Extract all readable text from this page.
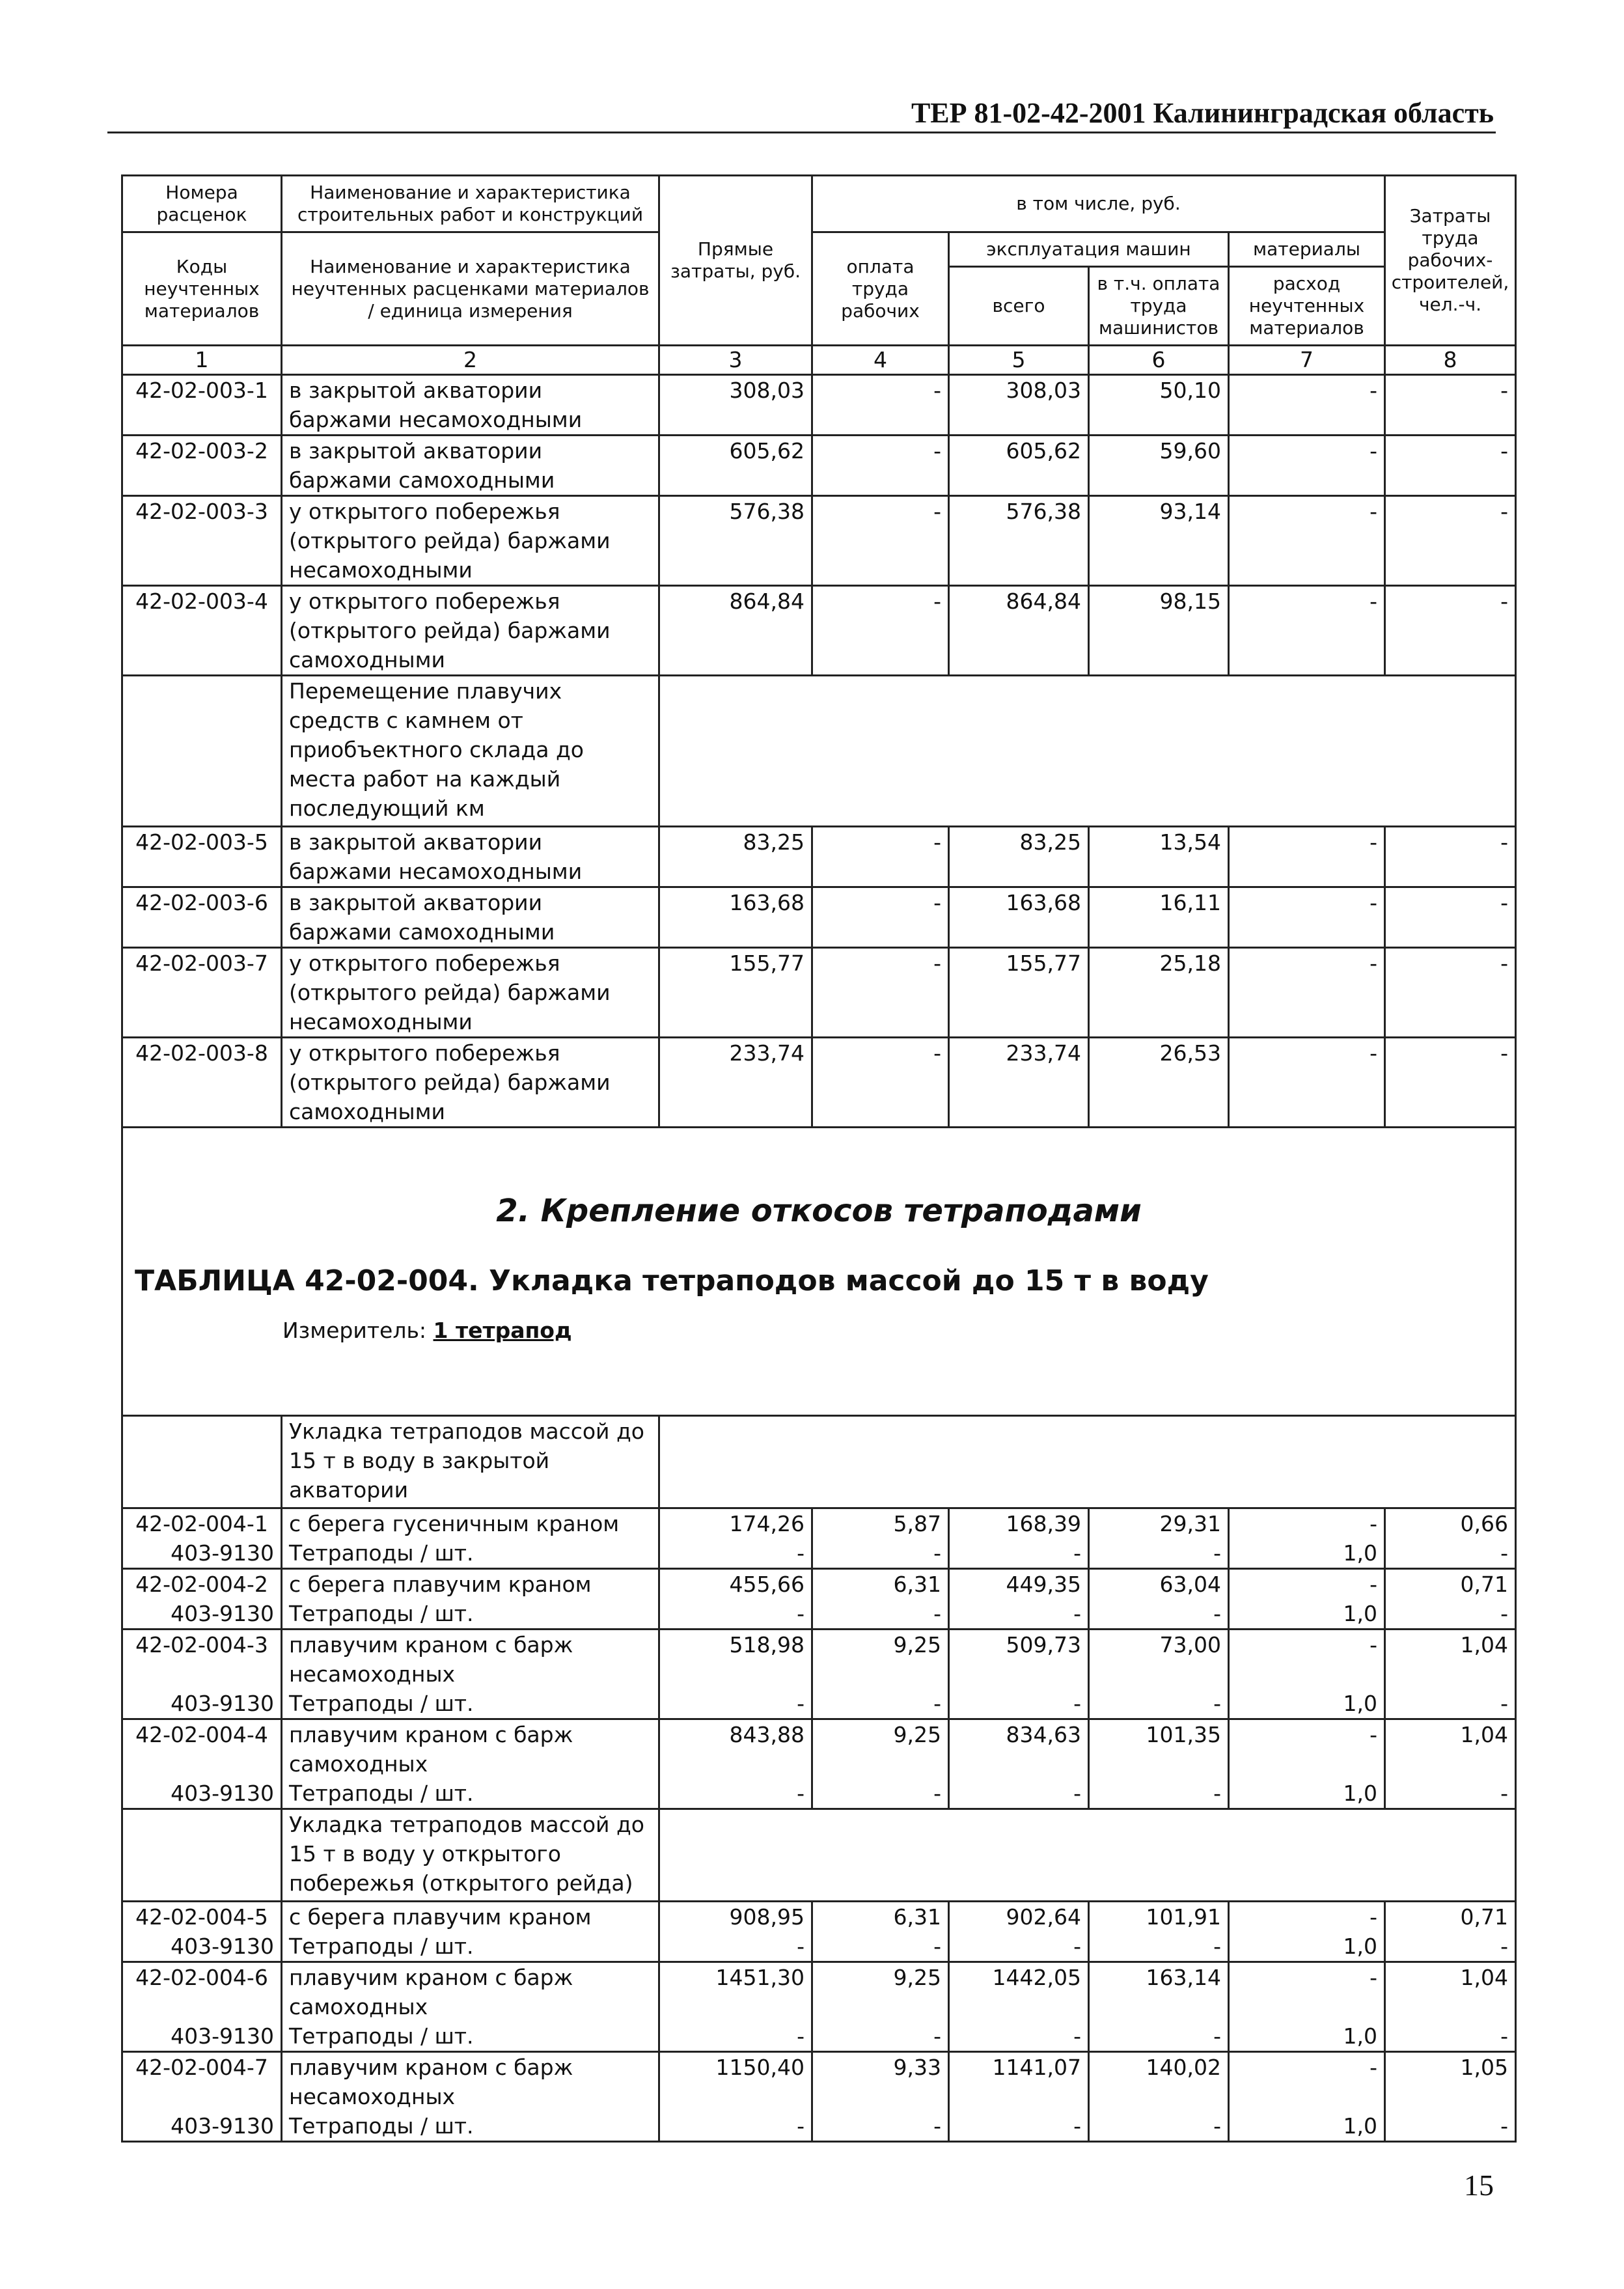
ТЕР 81-02-42-2001 Калининградская область
Номера расценок	Наименование и характеристика строительных работ и конструкций	Прямые затраты, руб.	в том числе, руб.				Затраты труда рабочих-строителей, чел.-ч.
Коды неучтенных материалов	Наименование и характеристика неучтенных расценками материалов / единица измерения		оплата труда рабочих	эксплуатация машин		материалы	
				всего	в т.ч. оплата труда машинистов	расход неучтенных материалов	
1	2	3	4	5	6	7	8
42-02-003-1	в закрытой акватории баржами несамоходными	308,03	-	308,03	50,10	-	-
42-02-003-2	в закрытой акватории баржами самоходными	605,62	-	605,62	59,60	-	-
42-02-003-3	у открытого побережья (открытого рейда) баржами несамоходными	576,38	-	576,38	93,14	-	-
42-02-003-4	у открытого побережья (открытого рейда) баржами самоходными	864,84	-	864,84	98,15	-	-
	Перемещение плавучих средств с камнем от приобъектного склада до места работ на каждый последующий км						
42-02-003-5	в закрытой акватории баржами несамоходными	83,25	-	83,25	13,54	-	-
42-02-003-6	в закрытой акватории баржами самоходными	163,68	-	163,68	16,11	-	-
42-02-003-7	у открытого побережья (открытого рейда) баржами несамоходными	155,77	-	155,77	25,18	-	-
42-02-003-8	у открытого побережья (открытого рейда) баржами самоходными	233,74	-	233,74	26,53	-	-

2. Крепление откосов тетраподами
ТАБЛИЦА 42-02-004. Укладка тетраподов массой до 15 т в воду
Измеритель: 1 тетрапод							

	Укладка тетраподов массой до 15 т в воду в закрытой акватории						
42-02-004-1	с берега гусеничным краном	174,26	5,87	168,39	29,31	-	0,66
403-9130	Тетраподы / шт.	-	-	-	-	1,0	-
42-02-004-2	с берега плавучим краном	455,66	6,31	449,35	63,04	-	0,71
403-9130	Тетраподы / шт.	-	-	-	-	1,0	-
42-02-004-3	плавучим краном с барж несамоходных	518,98	9,25	509,73	73,00	-	1,04
403-9130	Тетраподы / шт.	-	-	-	-	1,0	-
42-02-004-4	плавучим краном с барж самоходных	843,88	9,25	834,63	101,35	-	1,04
403-9130	Тетраподы / шт.	-	-	-	-	1,0	-
	Укладка тетраподов массой до 15 т в воду у открытого побережья (открытого рейда)						
42-02-004-5	с берега плавучим краном	908,95	6,31	902,64	101,91	-	0,71
403-9130	Тетраподы / шт.	-	-	-	-	1,0	-
42-02-004-6	плавучим краном с барж самоходных	1451,30	9,25	1442,05	163,14	-	1,04
403-9130	Тетраподы / шт.	-	-	-	-	1,0	-
42-02-004-7	плавучим краном с барж несамоходных	1150,40	9,33	1141,07	140,02	-	1,05
403-9130	Тетраподы / шт.	-	-	-	-	1,0	-
15
